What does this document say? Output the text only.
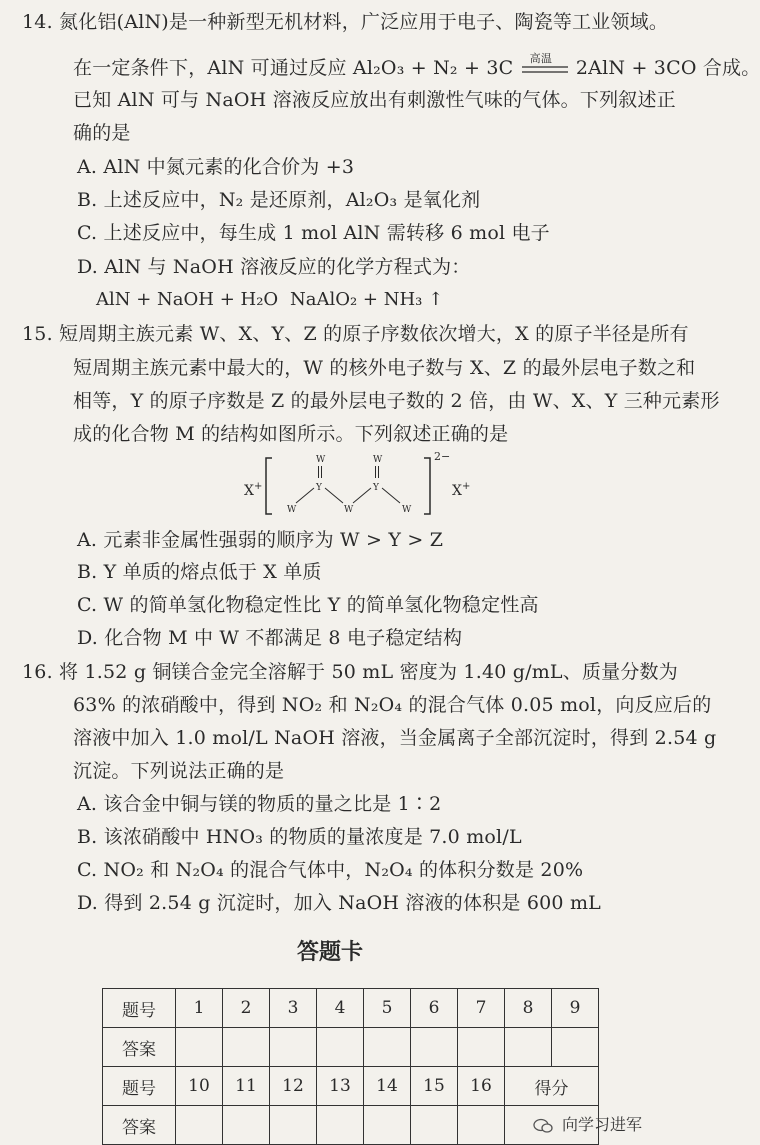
14. 氮化铝(AlN)是一种新型无机材料，广泛应用于电子、陶瓷等工业领域。
在一定条件下，AlN 可通过反应 Al₂O₃ + N₂ + 3C 高温 2AlN + 3CO 合成。
已知 AlN 可与 NaOH 溶液反应放出有刺激性气味的气体。下列叙述正
确的是
A. AlN 中氮元素的化合价为 +3
B. 上述反应中，N₂ 是还原剂，Al₂O₃ 是氧化剂
C. 上述反应中，每生成 1 mol AlN 需转移 6 mol 电子
D. AlN 与 NaOH 溶液反应的化学方程式为：
AlN + NaOH + H₂O NaAlO₂ + NH₃ ↑
15. 短周期主族元素 W、X、Y、Z 的原子序数依次增大，X 的原子半径是所有
短周期主族元素中最大的，W 的核外电子数与 X、Z 的最外层电子数之和
相等，Y 的原子序数是 Z 的最外层电子数的 2 倍，由 W、X、Y 三种元素形
成的化合物 M 的结构如图所示。下列叙述正确的是
X+
W
Y
W
Y
W	W	W
2−
X+
A. 元素非金属性强弱的顺序为 W > Y > Z
B. Y 单质的熔点低于 X 单质
C. W 的简单氢化物稳定性比 Y 的简单氢化物稳定性高
D. 化合物 M 中 W 不都满足 8 电子稳定结构
16. 将 1.52 g 铜镁合金完全溶解于 50 mL 密度为 1.40 g/mL、质量分数为
63% 的浓硝酸中，得到 NO₂ 和 N₂O₄ 的混合气体 0.05 mol，向反应后的
溶液中加入 1.0 mol/L NaOH 溶液，当金属离子全部沉淀时，得到 2.54 g
沉淀。下列说法正确的是
A. 该合金中铜与镁的物质的量之比是 1∶2
B. 该浓硝酸中 HNO₃ 的物质的量浓度是 7.0 mol/L
C. NO₂ 和 N₂O₄ 的混合气体中，N₂O₄ 的体积分数是 20%
D. 得到 2.54 g 沉淀时，加入 NaOH 溶液的体积是 600 mL
答题卡
题号	1	2	3	4	5	6	7	8	9
答案									
题号	10	11	12	13	14	15	16	得分	
答案										向学习进军
